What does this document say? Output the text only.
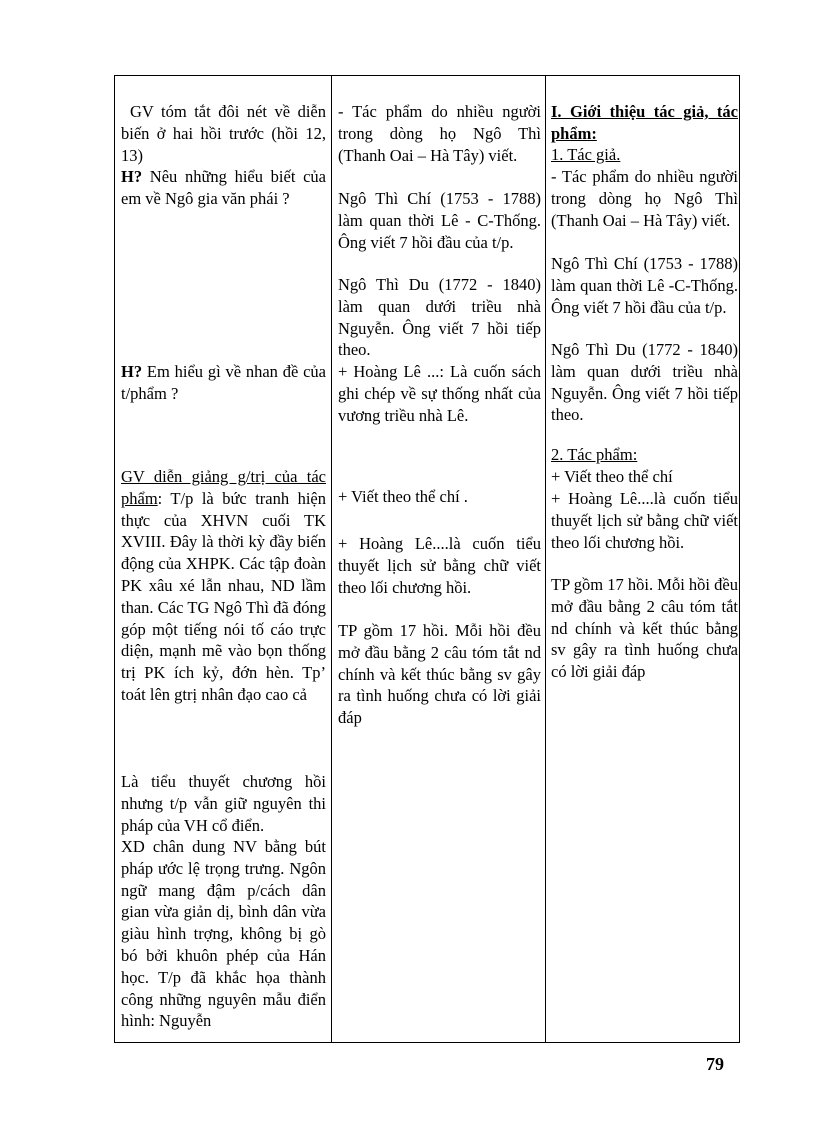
GV tóm tắt đôi nét về diễn biến ở hai hồi trước (hồi 12, 13)

H? Nêu những hiểu biết của em về Ngô gia văn phái ?

H? Em hiểu gì về nhan đề của t/phẩm ?

GV diễn giảng g/trị của tác phẩm: T/p là bức tranh hiện thực của XHVN cuối TK XVIII. Đây là thời kỳ đầy biến động của XHPK. Các tập đoàn PK xâu xé lẫn nhau, ND lầm than. Các TG Ngô Thì đã đóng góp một tiếng nói tố cáo trực diện, mạnh mẽ vào bọn thống trị PK ích kỷ, đớn hèn. Tp’ toát lên gtrị nhân đạo cao cả

Là tiểu thuyết chương hồi nhưng t/p vẫn giữ nguyên thi pháp của VH cổ điển.

XD chân dung NV bằng bút pháp ước lệ trọng trưng. Ngôn ngữ mang đậm p/cách dân gian vừa giản dị, bình dân vừa giàu hình trợng, không bị gò bó bởi khuôn phép của Hán học. T/p đã khắc họa thành công những nguyên mẫu điển hình: Nguyễn

- Tác phẩm do nhiều người trong dòng họ Ngô Thì (Thanh Oai – Hà Tây) viết.

Ngô Thì Chí (1753 - 1788) làm quan thời Lê - C-Thống. Ông viết 7 hồi đầu của t/p.

Ngô Thì Du (1772 - 1840) làm quan dưới triều nhà Nguyễn. Ông viết 7 hồi tiếp theo.

+ Hoàng Lê ...: Là cuốn sách ghi chép về sự thống nhất của vương triều nhà Lê.

+ Viết theo thể chí .

+ Hoàng Lê....là cuốn tiểu thuyết lịch sử bằng chữ viết theo lối chương hồi.

TP gồm 17 hồi. Mỗi hồi đều mở đầu bằng 2 câu tóm tắt nd chính và kết thúc bằng sv gây ra tình huống chưa có lời giải đáp

I. Giới thiệu tác giả, tác phẩm:

1. Tác giả.

- Tác phẩm do nhiều người trong dòng họ Ngô Thì (Thanh Oai – Hà Tây) viết.

Ngô Thì Chí (1753 - 1788) làm quan thời Lê -C-Thống. Ông viết 7 hồi đầu của t/p.

Ngô Thì Du (1772 - 1840) làm quan dưới triều nhà Nguyễn. Ông viết 7 hồi tiếp theo.

2. Tác phẩm:

+ Viết theo thể chí

+ Hoàng Lê....là cuốn tiểu thuyết lịch sử bằng chữ viết theo lối chương hồi.

TP gồm 17 hồi. Mỗi hồi đều mở đầu bằng 2 câu tóm tắt nd chính và kết thúc bằng sv gây ra tình huống chưa có lời giải đáp

79
